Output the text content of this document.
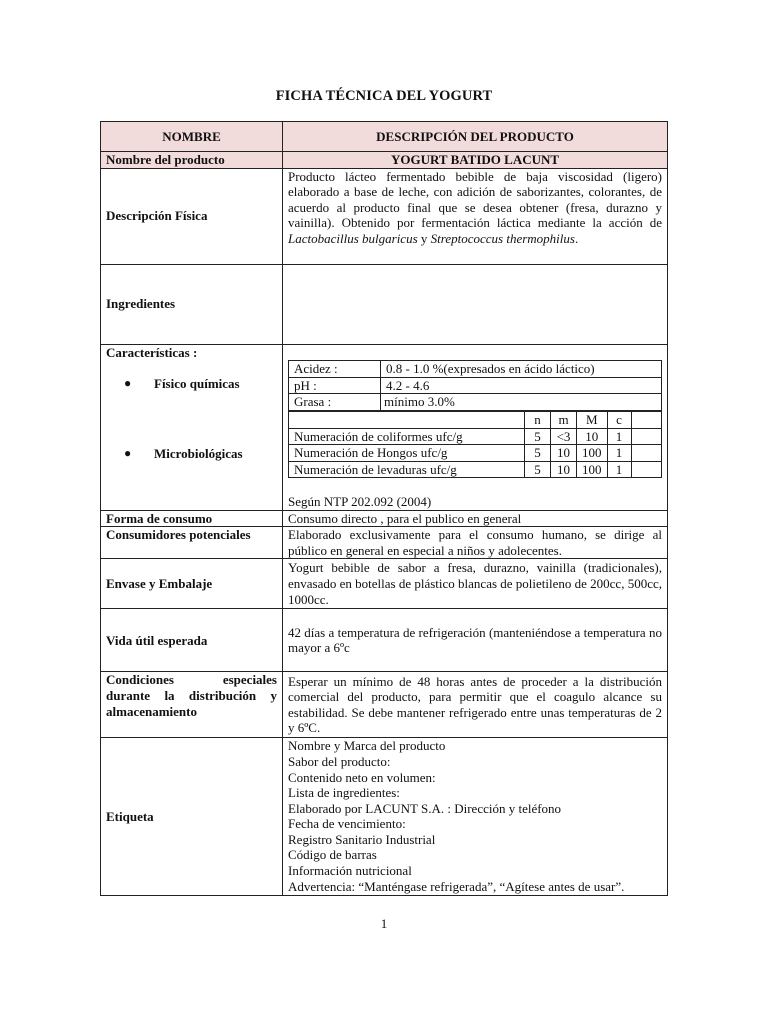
FICHA TÉCNICA DEL YOGURT
NOMBRE	DESCRIPCIÓN DEL PRODUCTO
Nombre del producto	YOGURT BATIDO LACUNT
Descripción Física	Producto lácteo fermentado bebible de baja viscosidad (ligero) elaborado a base de leche, con adición de saborizantes, colorantes, de acuerdo al producto final que se desea obtener (fresa, durazno y vainilla). Obtenido por fermentación láctica mediante la acción de Lactobacillus bulgaricus y Streptococcus thermophilus.
Ingredientes	

Características :
●	Físico químicas
●	Microbiológicas

Acidez :	0.8 - 1.0 %(expresados en ácido láctico)
pH :	4.2 - 4.6
Grasa :	mínimo 3.0%
	n	m	M	c	
Numeración de coliformes ufc/g	5	<3	10	1	
Numeración de Hongos ufc/g	5	10	100	1	
Numeración de levaduras ufc/g	5	10	100	1	
Según NTP 202.092 (2004)

Forma de consumo	Consumo directo , para el publico en general
Consumidores potenciales	Elaborado exclusivamente para el consumo humano, se dirige al público en general en especial a niños y adolecentes.
Envase y Embalaje	Yogurt bebible de sabor a fresa, durazno, vainilla (tradicionales), envasado en botellas de plástico blancas de polietileno de 200cc, 500cc, 1000cc.
Vida útil esperada	42 días a temperatura de refrigeración (manteniéndose a temperatura no mayor a 6ºc
Condiciones especiales durante la distribución y almacenamiento	Esperar un mínimo de 48 horas antes de proceder a la distribución comercial del producto, para permitir que el coagulo alcance su estabilidad. Se debe mantener refrigerado entre unas temperaturas de 2 y 6ºC.
Etiqueta	
Nombre y Marca del producto
Sabor del producto:
Contenido neto en volumen:
Lista de ingredientes:
Elaborado por LACUNT S.A. : Dirección y teléfono
Fecha de vencimiento:
Registro Sanitario Industrial
Código de barras
Información nutricional
Advertencia: “Manténgase refrigerada”, “Agítese antes de usar”.
1
